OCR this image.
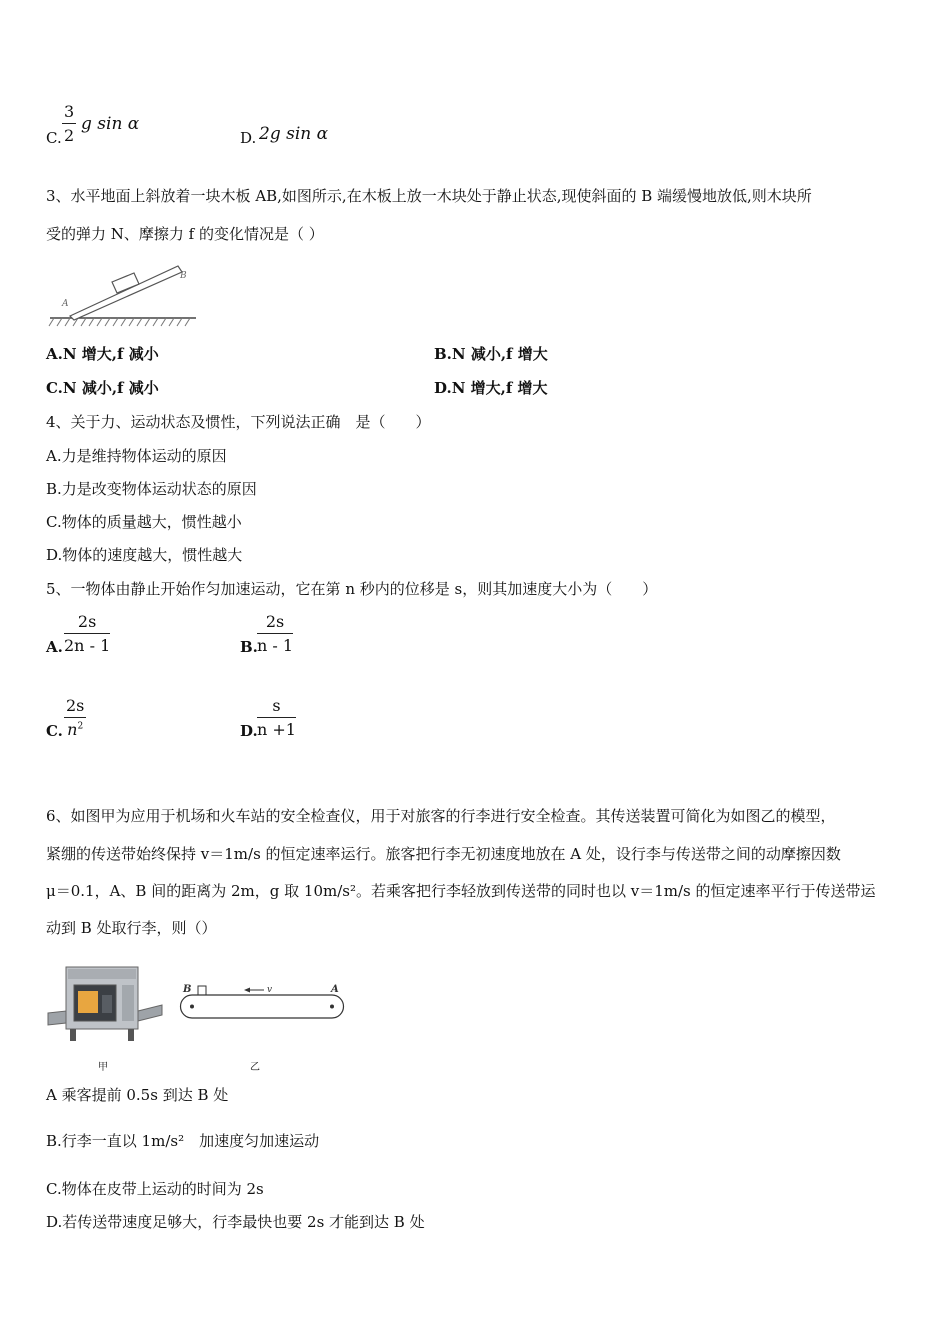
C. $\frac{3}{2}$ g sin α
D. 2g sin α
3、水平地面上斜放着一块木板 AB,如图所示,在木板上放一木块处于静止状态,现使斜面的 B 端缓慢地放低,则木块所
受的弹力 N、摩擦力 f 的变化情况是（ ）
A
B
A.N 增大,f 减小	B.N 减小,f 增大
C.N 减小,f 减小	D.N 增大,f 增大
4、关于力、运动状态及惯性，下列说法正确　是（　　）
A.力是维持物体运动的原因
B.力是改变物体运动状态的原因
C.物体的质量越大，惯性越小
D.物体的速度越大，惯性越大
5、一物体由静止开始作匀加速运动，它在第 n 秒内的位移是 s，则其加速度大小为（　　）
A. $\frac{2s}{2n - 1}$	B. $\frac{2s}{n - 1}$
C. $\frac{2s}{n^2}$	D. $\frac{s}{n +1}$
6、如图甲为应用于机场和火车站的安全检查仪，用于对旅客的行李进行安全检查。其传送装置可简化为如图乙的模型，
紧绷的传送带始终保持 v＝1m/s 的恒定速率运行。旅客把行李无初速度地放在 A 处，设行李与传送带之间的动摩擦因数
μ＝0.1，A、B 间的距离为 2m，g 取 10m/s²。若乘客把行李轻放到传送带的同时也以 v＝1m/s 的恒定速率平行于传送带运
动到 B 处取行李，则（）
甲
B	A
v
乙
A 乘客提前 0.5s 到达 B 处
B.行李一直以 1m/s²　加速度匀加速运动
C.物体在皮带上运动的时间为 2s
D.若传送带速度足够大，行李最快也要 2s 才能到达 B 处
